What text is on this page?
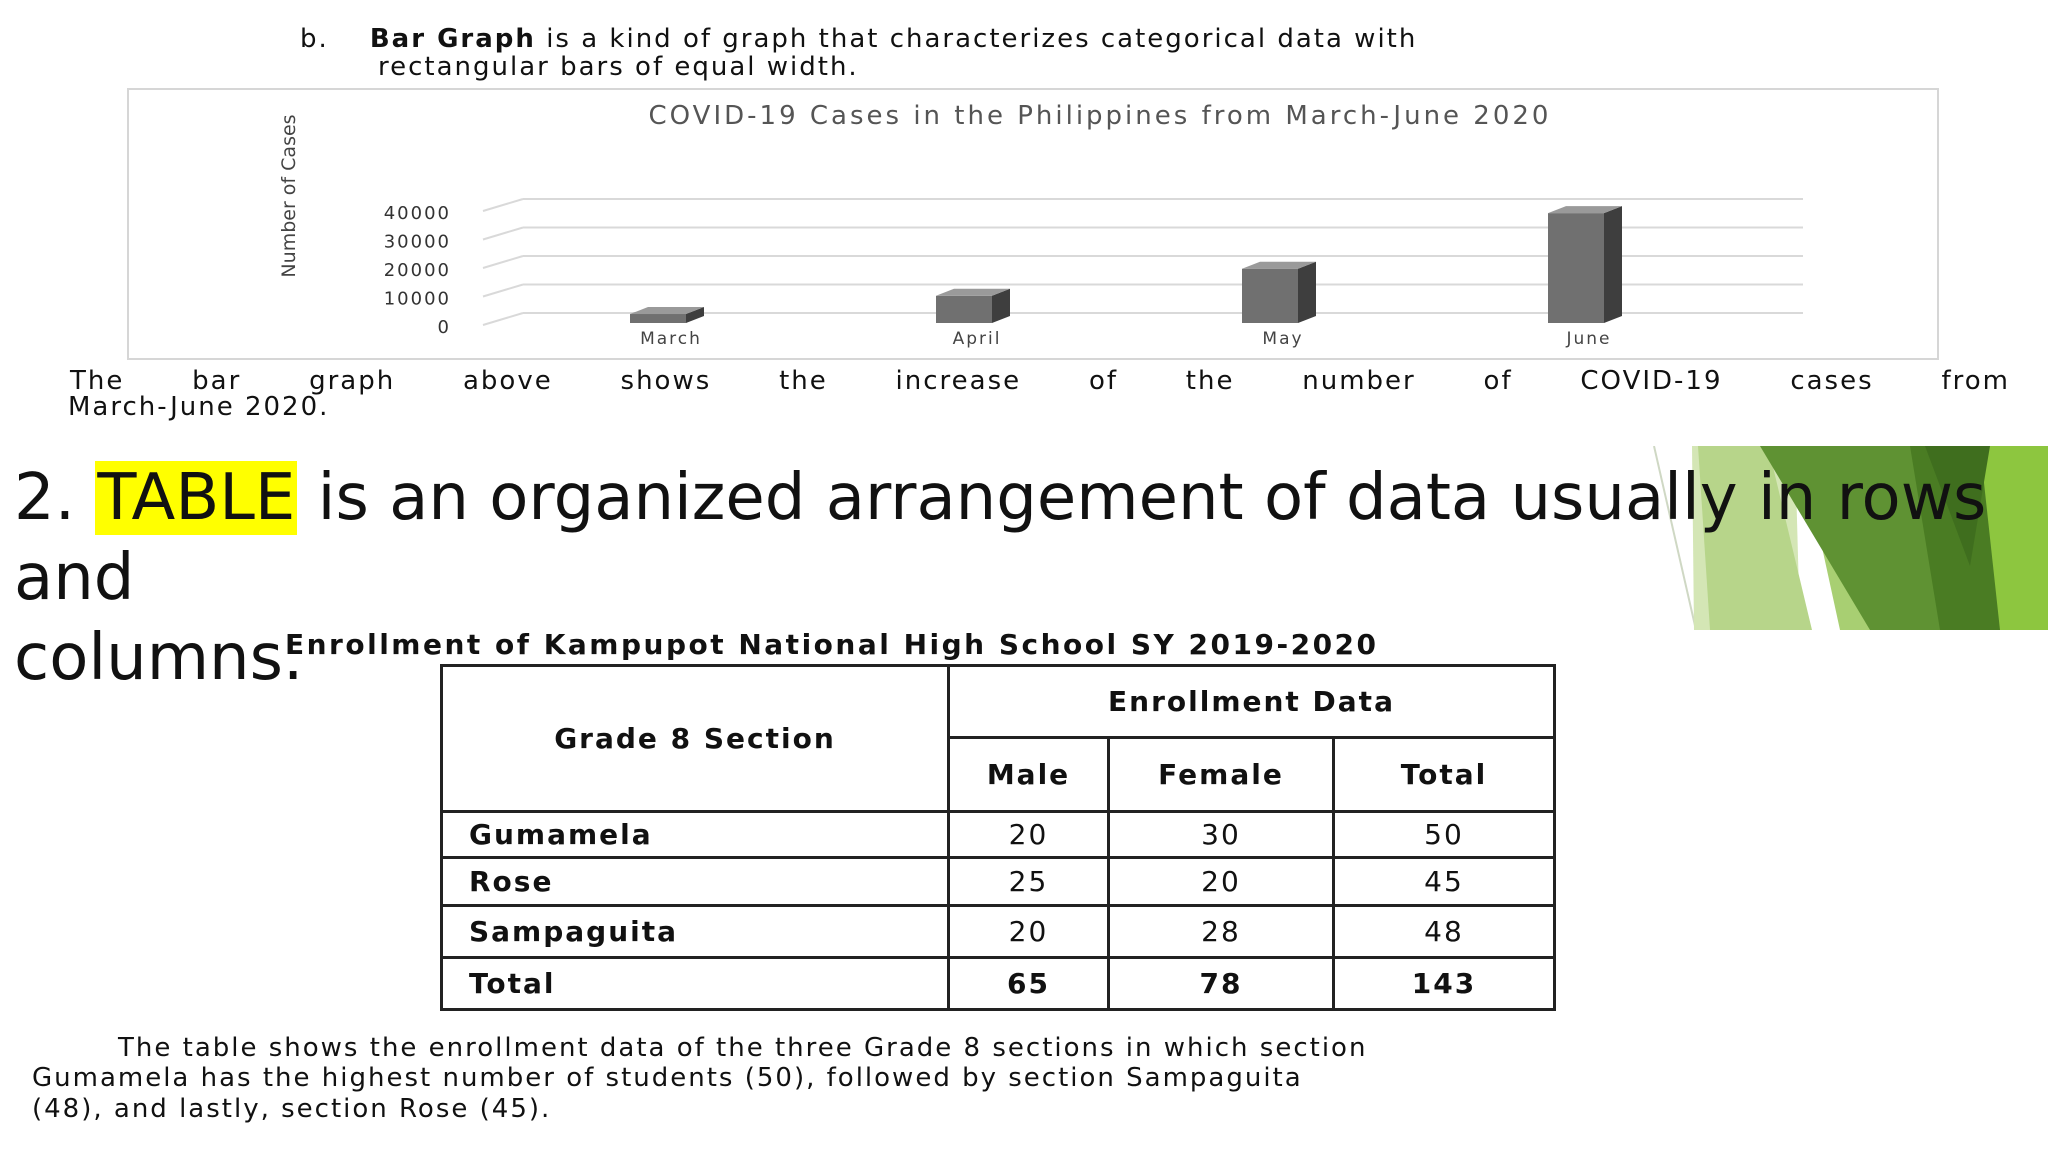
b. Bar Graph is a kind of graph that characterizes categorical data with
rectangular bars of equal width.
COVID-19 Cases in the Philippines from March-June 2020
Number of Cases	40000
30000
20000
10000
0
March	April	May	June
The	bar	graph	above	shows	the	increase	of	the	number	of	COVID-19	cases	from
March-June 2020.
2. TABLE is an organized arrangement of data usually in rows and
columns.
Enrollment of Kampupot National High School SY 2019-2020
Grade 8 Section	Enrollment Data		
	Male	Female	Total
Gumamela	20	30	50
Rose	25	20	45
Sampaguita	20	28	48
Total	65	78	143
The table shows the enrollment data of the three Grade 8 sections in which section
Gumamela has the highest number of students (50), followed by section Sampaguita
(48), and lastly, section Rose (45).
